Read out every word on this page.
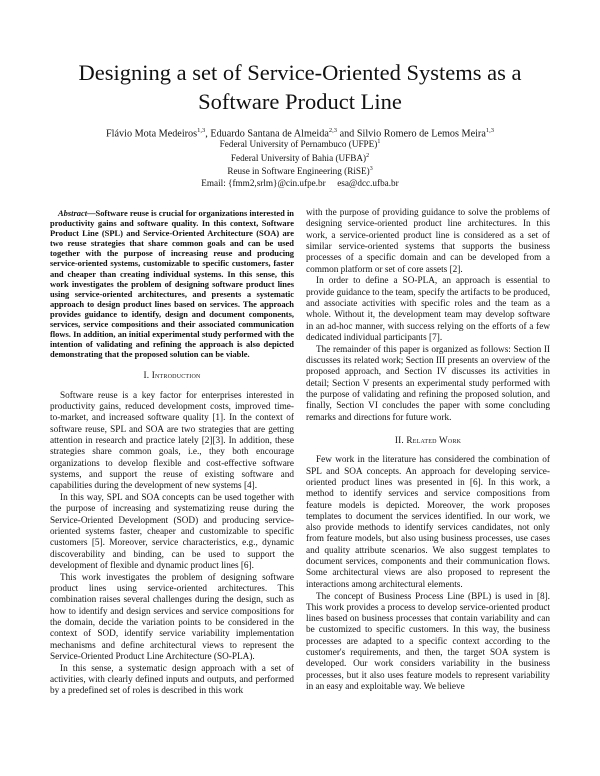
Designing a set of Service-Oriented Systems as a Software Product Line
Flávio Mota Medeiros$^{1,3}$, Eduardo Santana de Almeida$^{2,3}$ and Silvio Romero de Lemos Meira$^{1,3}$
Federal University of Pernambuco (UFPE)$^1$
Federal University of Bahia (UFBA)$^2$
Reuse in Software Engineering (RiSE)$^3$
Email: {fmm2,srlm}@cin.ufpe.br     esa@dcc.ufba.br

Abstract—Software reuse is crucial for organizations interested in productivity gains and software quality. In this context, Software Product Line (SPL) and Service-Oriented Architecture (SOA) are two reuse strategies that share common goals and can be used together with the purpose of increasing reuse and producing service-oriented systems, customizable to specific customers, faster and cheaper than creating individual systems. In this sense, this work investigates the problem of designing software product lines using service-oriented architectures, and presents a systematic approach to design product lines based on services. The approach provides guidance to identify, design and document components, services, service compositions and their associated communication flows. In addition, an initial experimental study performed with the intention of validating and refining the approach is also depicted demonstrating that the proposed solution can be viable.

I. Introduction

Software reuse is a key factor for enterprises interested in productivity gains, reduced development costs, improved time-to-market, and increased software quality [1]. In the context of software reuse, SPL and SOA are two strategies that are getting attention in research and practice lately [2][3]. In addition, these strategies share common goals, i.e., they both encourage organizations to develop flexible and cost-effective software systems, and support the reuse of existing software and capabilities during the development of new systems [4].

In this way, SPL and SOA concepts can be used together with the purpose of increasing and systematizing reuse during the Service-Oriented Development (SOD) and producing service-oriented systems faster, cheaper and customizable to specific customers [5]. Moreover, service characteristics, e.g., dynamic discoverability and binding, can be used to support the development of flexible and dynamic product lines [6].

This work investigates the problem of designing software product lines using service-oriented architectures. This combination raises several challenges during the design, such as how to identify and design services and service compositions for the domain, decide the variation points to be considered in the context of SOD, identify service variability implementation mechanisms and define architectural views to represent the Service-Oriented Product Line Architecture (SO-PLA).

In this sense, a systematic design approach with a set of activities, with clearly defined inputs and outputs, and performed by a predefined set of roles is described in this work

with the purpose of providing guidance to solve the problems of designing service-oriented product line architectures. In this work, a service-oriented product line is considered as a set of similar service-oriented systems that supports the business processes of a specific domain and can be developed from a common platform or set of core assets [2].

In order to define a SO-PLA, an approach is essential to provide guidance to the team, specify the artifacts to be produced, and associate activities with specific roles and the team as a whole. Without it, the development team may develop software in an ad-hoc manner, with success relying on the efforts of a few dedicated individual participants [7].

The remainder of this paper is organized as follows: Section II discusses its related work; Section III presents an overview of the proposed approach, and Section IV discusses its activities in detail; Section V presents an experimental study performed with the purpose of validating and refining the proposed solution, and finally, Section VI concludes the paper with some concluding remarks and directions for future work.

II. Related Work

Few work in the literature has considered the combination of SPL and SOA concepts. An approach for developing service-oriented product lines was presented in [6]. In this work, a method to identify services and service compositions from feature models is depicted. Moreover, the work proposes templates to document the services identified. In our work, we also provide methods to identify services candidates, not only from feature models, but also using business processes, use cases and quality attribute scenarios. We also suggest templates to document services, components and their communication flows. Some architectural views are also proposed to represent the interactions among architectural elements.

The concept of Business Process Line (BPL) is used in [8]. This work provides a process to develop service-oriented product lines based on business processes that contain variability and can be customized to specific customers. In this way, the business processes are adapted to a specific context according to the customer's requirements, and then, the target SOA system is developed. Our work considers variability in the business processes, but it also uses feature models to represent variability in an easy and exploitable way. We believe
